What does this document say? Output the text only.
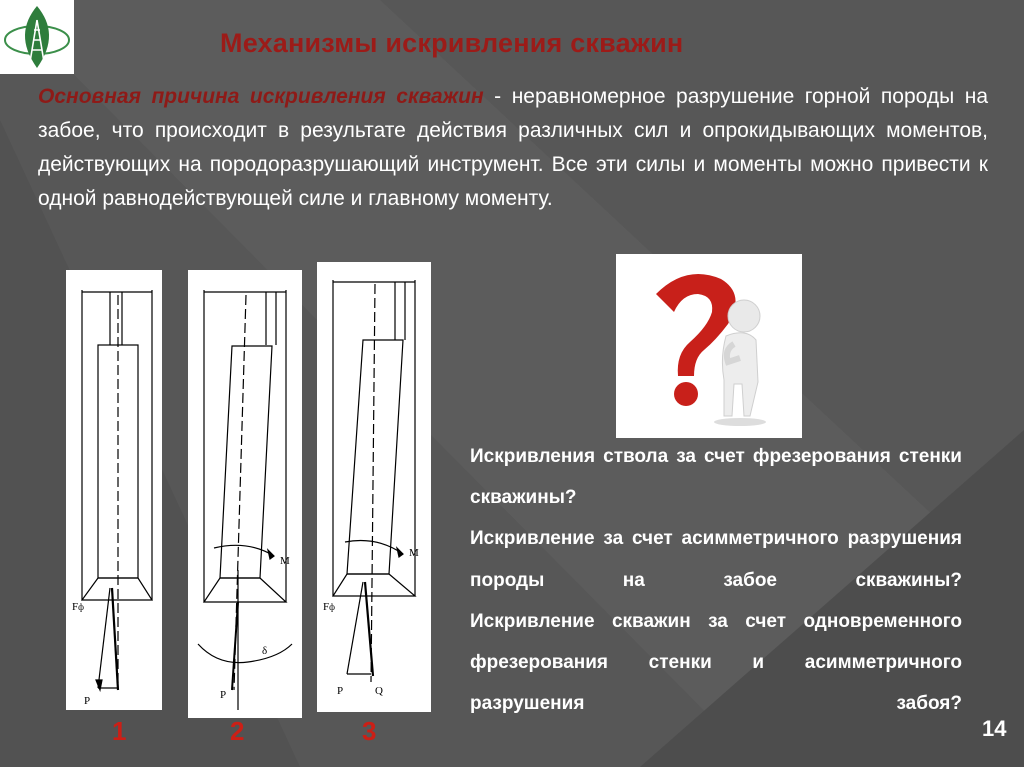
Механизмы искривления скважин
Основная причина искривления скважин - неравномерное разрушение горной породы на забое, что происходит в результате действия различных сил и опрокидывающих моментов, действующих на породоразрушающий инструмент. Все эти силы и моменты можно привести к одной равнодействующей силе и главному моменту.
Fф
P
1
M
δ
P
2
M
Fф
P	Q
3
Искривления ствола за счет фрезерования стенки скважины?
Искривление за счет асимметричного разрушения породы на забое скважины?
Искривление скважин за счет одновременного фрезерования стенки и асимметричного разрушения забоя?
14
